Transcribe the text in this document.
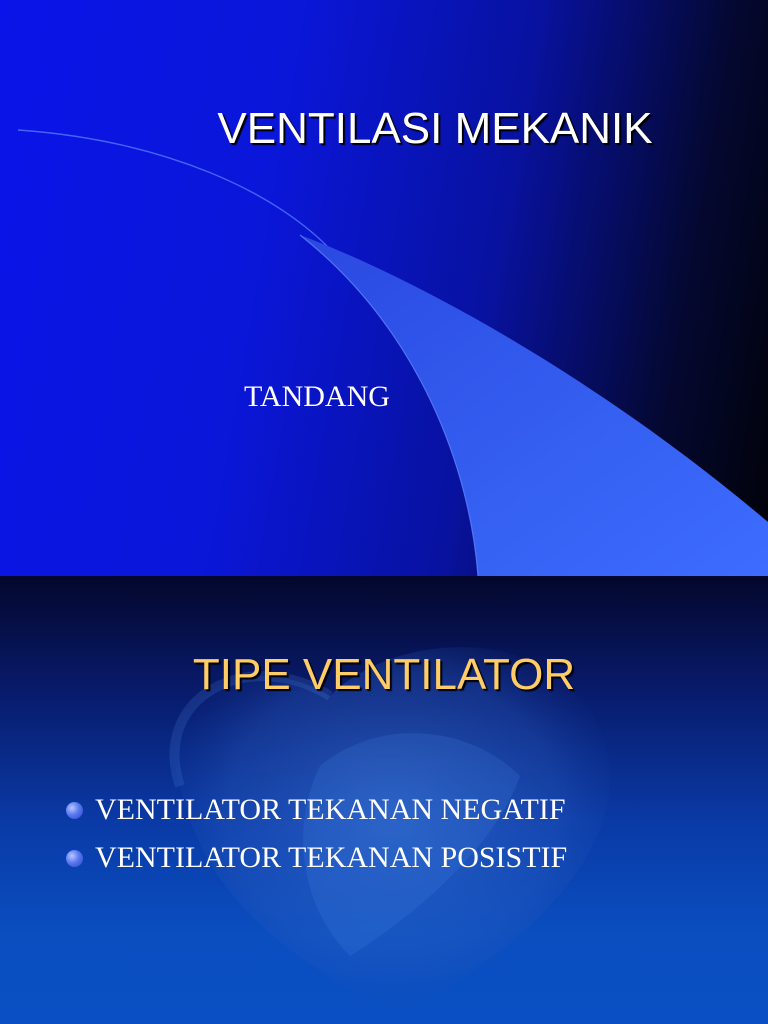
VENTILASI MEKANIK
TANDANG
TIPE VENTILATOR
VENTILATOR TEKANAN NEGATIF
VENTILATOR TEKANAN POSISTIF
